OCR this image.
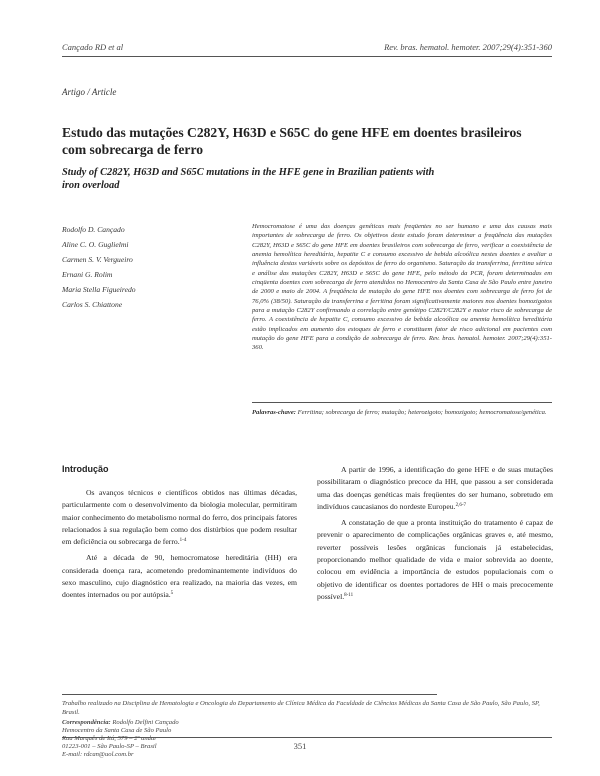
Cançado RD et al	Rev. bras. hematol. hemoter. 2007;29(4):351-360
Artigo / Article
Estudo das mutações C282Y, H63D e S65C do gene HFE em doentes brasileiros
com sobrecarga de ferro
Study of C282Y, H63D and S65C mutations in the HFE gene in Brazilian patients with
iron overload
Rodolfo D. Cançado
Aline C. O. Guglielmi
Carmen S. V. Vergueiro
Ernani G. Rolim
Maria Stella Figueiredo
Carlos S. Chiattone
Hemocromatose é uma das doenças genéticas mais freqüentes no ser humano e uma das causas mais importantes de sobrecarga de ferro. Os objetivos deste estudo foram determinar a freqüência das mutações C282Y, H63D e S65C do gene HFE em doentes brasileiros com sobrecarga de ferro, verificar a coexistência de anemia hemolítica hereditária, hepatite C e consumo excessivo de bebida alcoólica nestes doentes e avaliar a influência destas variáveis sobre os depósitos de ferro do organismo. Saturação da transferrina, ferritina sérica e análise das mutações C282Y, H63D e S65C do gene HFE, pelo método da PCR, foram determinadas em cinqüenta doentes com sobrecarga de ferro atendidos no Hemocentro da Santa Casa de São Paulo entre janeiro de 2000 e maio de 2004. A freqüência de mutação do gene HFE nos doentes com sobrecarga de ferro foi de 76,0% (38/50). Saturação da transferrina e ferritina foram significativamente maiores nos doentes homozigotos para a mutação C282Y confirmando a correlação entre genótipo C282Y/C282Y e maior risco de sobrecarga de ferro. A coexistência de hepatite C, consumo excessivo de bebida alcoólica ou anemia hemolítica hereditária estão implicados em aumento dos estoques de ferro e constituem fator de risco adicional em pacientes com mutação do gene HFE para a condição de sobrecarga de ferro. Rev. bras. hematol. hemoter. 2007;29(4):351-360.
Palavras-chave: Ferritina; sobrecarga de ferro; mutação; heterozigoto; homozigoto; hemocromatose/genética.
Introdução

Os avanços técnicos e científicos obtidos nas últimas décadas, particularmente com o desenvolvimento da biologia molecular, permitiram maior conhecimento do metabolismo normal do ferro, dos principais fatores relacionados à sua regulação bem como dos distúrbios que podem resultar em deficiência ou sobrecarga de ferro.$^{1-4}$

Até a década de 90, hemocromatose hereditária (HH) era considerada doença rara, acometendo predominantemente indivíduos do sexo masculino, cujo diagnóstico era realizado, na maioria das vezes, em doentes internados ou por autópsia.$^5$

A partir de 1996, a identificação do gene HFE e de suas mutações possibilitaram o diagnóstico precoce da HH, que passou a ser considerada uma das doenças genéticas mais freqüentes do ser humano, sobretudo em indivíduos caucasianos do nordeste Europeu.$^{2,6-7}$

A constatação de que a pronta instituição do tratamento é capaz de prevenir o aparecimento de complicações orgânicas graves e, até mesmo, reverter possíveis lesões orgânicas funcionais já estabelecidas, proporcionando melhor qualidade de vida e maior sobrevida ao doente, colocou em evidência a importância de estudos populacionais com o objetivo de identificar os doentes portadores de HH o mais precocemente possível.$^{8-11}$

Trabalho realizado na Disciplina de Hematologia e Oncologia do Departamento de Clínica Médica da Faculdade de Ciências Médicas da Santa Casa de São Paulo, São Paulo, SP, Brasil.
Correspondência: Rodolfo Delfini Cançado
Hemocentro da Santa Casa de São Paulo
Rua Marquês de Itú, 579 – 2º andar
01223-001 – São Paulo-SP – Brasil
E-mail: rdcan@uol.com.br
351
